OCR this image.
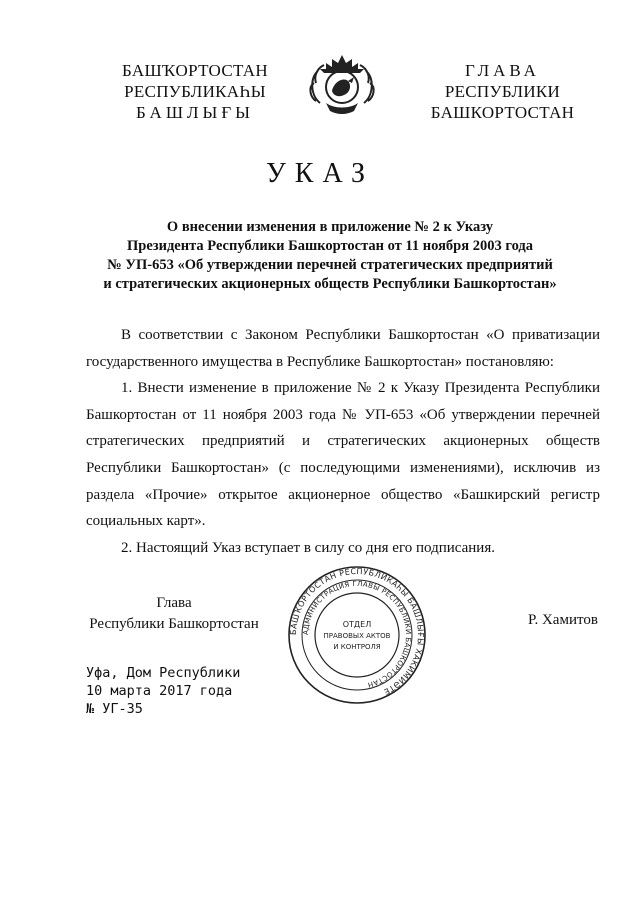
БАШҠОРТОСТАН
РЕСПУБЛИКАҺЫ
БАШЛЫҒЫ
ГЛАВА
РЕСПУБЛИКИ
БАШКОРТОСТАН
УКАЗ
О внесении изменения в приложение № 2 к Указу
Президента Республики Башкортостан от 11 ноября 2003 года
№ УП-653 «Об утверждении перечней стратегических предприятий
и стратегических акционерных обществ Республики Башкортостан»

В соответствии с Законом Республики Башкортостан «О приватизации государственного имущества в Республике Башкортостан» постановляю:

1. Внести изменение в приложение № 2 к Указу Президента Республики Башкортостан от 11 ноября 2003 года № УП-653 «Об утверждении перечней стратегических предприятий и стратегических акционерных обществ Республики Башкортостан» (с последующими изменениями), исключив из раздела «Прочие» открытое акционерное общество «Башкирский регистр социальных карт».

2. Настоящий Указ вступает в силу со дня его подписания.

Глава
Республики Башкортостан
БАШҠОРТОСТАН РЕСПУБЛИКАҺЫ БАШЛЫҒЫ ХАКИМИӘТЕ
АДМИНИСТРАЦИЯ ГЛАВЫ РЕСПУБЛИКИ БАШКОРТОСТАН
ОТДЕЛ
ПРАВОВЫХ АКТОВ
И КОНТРОЛЯ
Р. Хамитов
Уфа, Дом Республики
10 марта 2017 года
№ УГ-35
